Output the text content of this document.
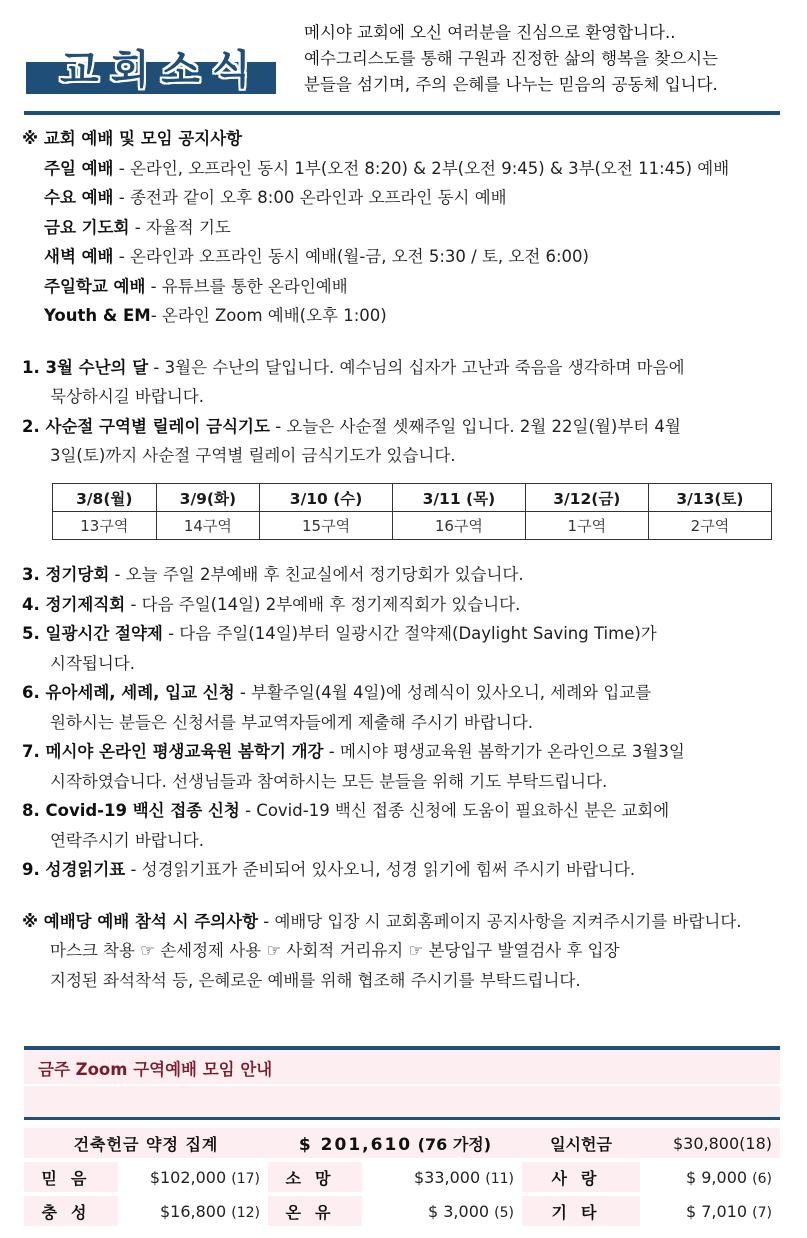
교회소식
메시야 교회에 오신 여러분을 진심으로 환영합니다..
예수그리스도를 통해 구원과 진정한 삶의 행복을 찾으시는
분들을 섬기며, 주의 은혜를 나누는 믿음의 공동체 입니다.
※ 교회 예배 및 모임 공지사항
주일 예배 - 온라인, 오프라인 동시 1부(오전 8:20) & 2부(오전 9:45) & 3부(오전 11:45) 예배
수요 예배 - 종전과 같이 오후 8:00 온라인과 오프라인 동시 예배
금요 기도회 - 자율적 기도
새벽 예배 - 온라인과 오프라인 동시 예배(월-금, 오전 5:30 / 토, 오전 6:00)
주일학교 예배 - 유튜브를 통한 온라인예배
Youth & EM- 온라인 Zoom 예배(오후 1:00)
1. 3월 수난의 달 - 3월은 수난의 달입니다. 예수님의 십자가 고난과 죽음을 생각하며 마음에
묵상하시길 바랍니다.
2. 사순절 구역별 릴레이 금식기도 - 오늘은 사순절 셋째주일 입니다. 2월 22일(월)부터 4월
3일(토)까지 사순절 구역별 릴레이 금식기도가 있습니다.
3/8(월)	3/9(화)	3/10 (수)	3/11 (목)	3/12(금)	3/13(토)
13구역	14구역	15구역	16구역	1구역	2구역
3. 정기당회 - 오늘 주일 2부예배 후 친교실에서 정기당회가 있습니다.
4. 정기제직회 - 다음 주일(14일) 2부예배 후 정기제직회가 있습니다.
5. 일광시간 절약제 - 다음 주일(14일)부터 일광시간 절약제(Daylight Saving Time)가
시작됩니다.
6. 유아세례, 세례, 입교 신청 - 부활주일(4월 4일)에 성례식이 있사오니, 세례와 입교를
원하시는 분들은 신청서를 부교역자들에게 제출해 주시기 바랍니다.
7. 메시야 온라인 평생교육원 봄학기 개강 - 메시야 평생교육원 봄학기가 온라인으로 3월3일
시작하였습니다. 선생님들과 참여하시는 모든 분들을 위해 기도 부탁드립니다.
8. Covid-19 백신 접종 신청 - Covid-19 백신 접종 신청에 도움이 필요하신 분은 교회에
연락주시기 바랍니다.
9. 성경읽기표 - 성경읽기표가 준비되어 있사오니, 성경 읽기에 힘써 주시기 바랍니다.
※ 예배당 예배 참석 시 주의사항 - 예배당 입장 시 교회홈페이지 공지사항을 지켜주시기를 바랍니다.
마스크 착용 ☞ 손세정제 사용 ☞ 사회적 거리유지 ☞ 본당입구 발열검사 후 입장
지정된 좌석착석 등, 은혜로운 예배를 위해 협조해 주시기를 부탁드립니다.
금주 Zoom 구역예배 모임 안내
건축헌금 약정 집계		$ 201,610 (76 가정)		일시헌금	$30,800(18)
믿음	$102,000 (17)	소망	$33,000 (11)	사랑	$ 9,000 (6)
충성	$16,800 (12)	온유	$ 3,000 (5)	기타	$ 7,010 (7)
